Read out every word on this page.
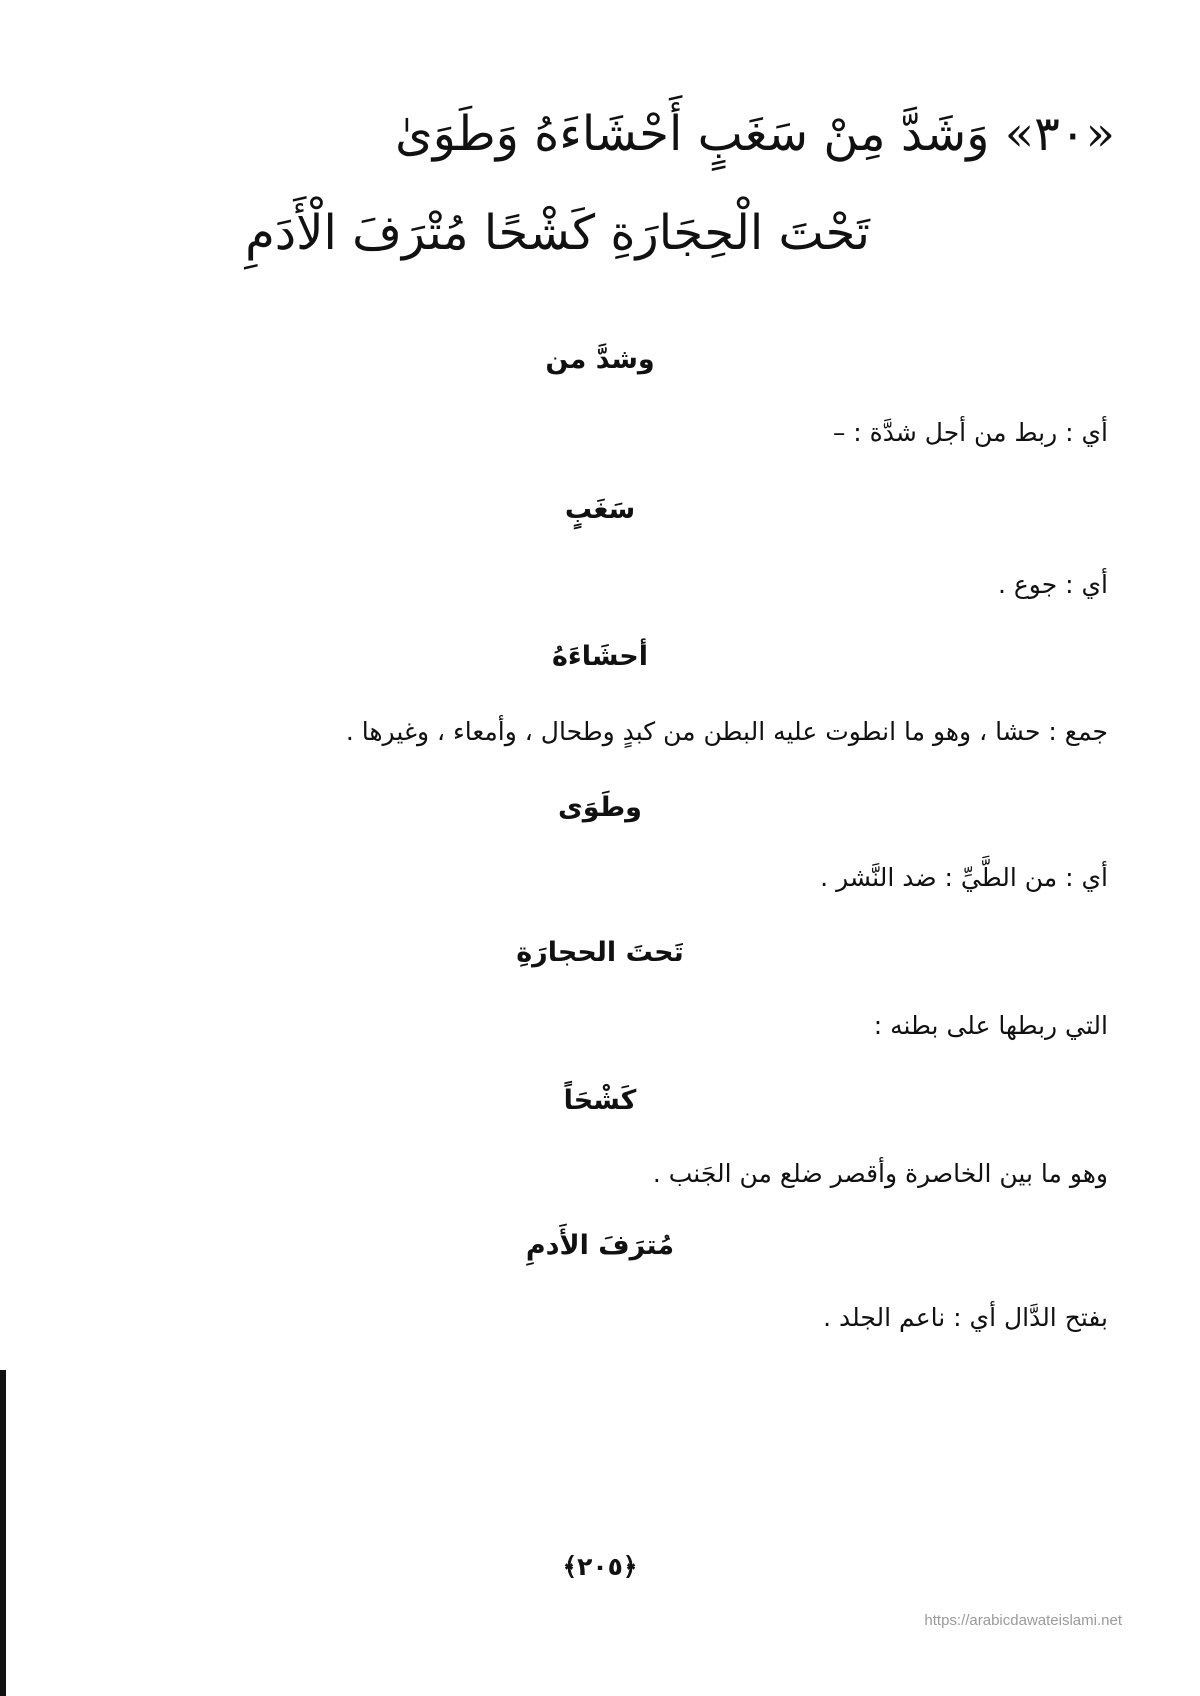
«٣٠» وَشَدَّ مِنْ سَغَبٍ أَحْشَاءَهُ وَطَوَىٰ
تَحْتَ الْحِجَارَةِ كَشْحًا مُتْرَفَ الْأَدَمِ
وشدَّ من
أي : ربط من أجل شدَّة : –
سَغَبٍ
أي : جوع .
أحشَاءَهُ
جمع : حشا ، وهو ما انطوت عليه البطن من كبدٍ وطحال ، وأمعاء ، وغيرها .
وطَوَى
أي : من الطَّيِّ : ضد النَّشر .
تَحتَ الحجارَةِ
التي ربطها على بطنه :
كَشْحَاً
وهو ما بين الخاصرة وأقصر ضلع من الجَنب .
مُترَفَ الأَدمِ
بفتح الدَّال أي : ناعم الجلد .
﴿٢٠٥﴾
https://arabicdawateislami.net
